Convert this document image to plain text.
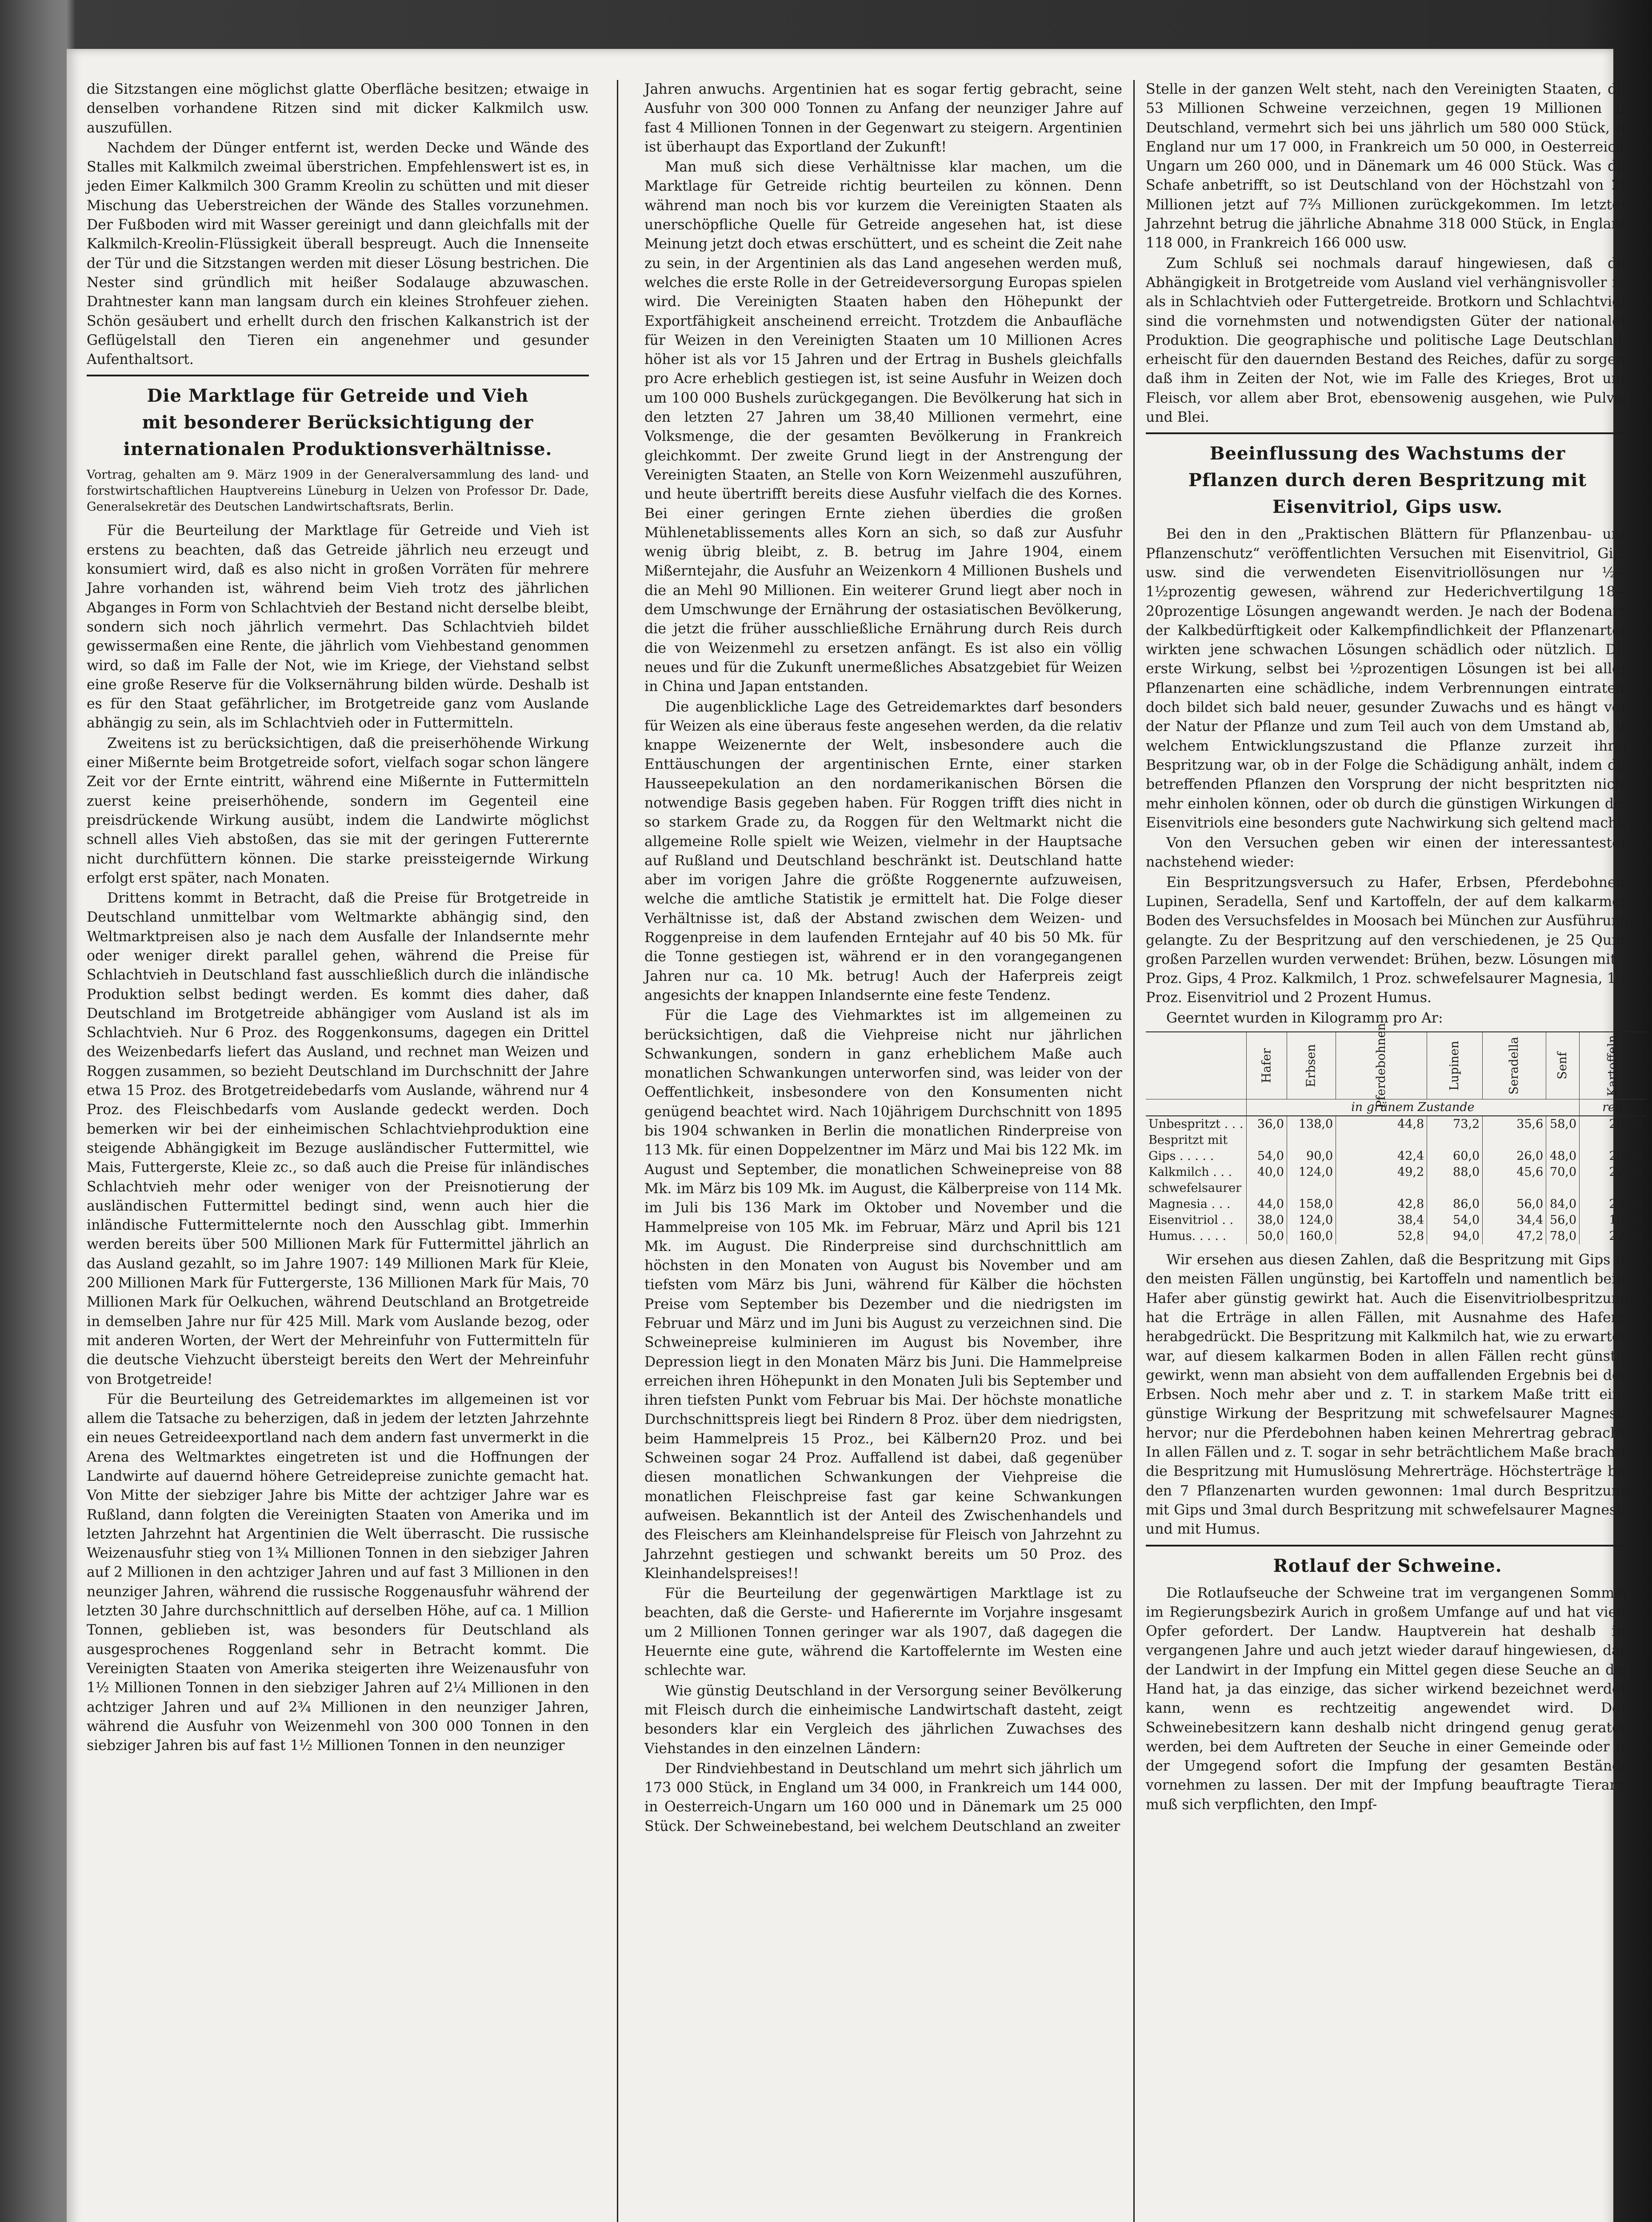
die Sitzstangen eine möglichst glatte Oberfläche besitzen; etwaige in denselben vorhandene Ritzen sind mit dicker Kalkmilch usw. auszufüllen.

Nachdem der Dünger entfernt ist, werden Decke und Wände des Stalles mit Kalkmilch zweimal überstrichen. Empfehlenswert ist es, in jeden Eimer Kalkmilch 300 Gramm Kreolin zu schütten und mit dieser Mischung das Ueberstreichen der Wände des Stalles vorzunehmen. Der Fußboden wird mit Wasser gereinigt und dann gleichfalls mit der Kalkmilch-Kreolin-Flüssigkeit überall bespreugt. Auch die Innenseite der Tür und die Sitzstangen werden mit dieser Lösung bestrichen. Die Nester sind gründlich mit heißer Sodalauge abzuwaschen. Drahtnester kann man langsam durch ein kleines Strohfeuer ziehen. Schön gesäubert und erhellt durch den frischen Kalkanstrich ist der Geflügelstall den Tieren ein angenehmer und gesunder Aufenthaltsort.

Die Marktlage für Getreide und Vieh
mit besonderer Berücksichtigung der
internationalen Produktionsverhältnisse.
Vortrag, gehalten am 9. März 1909 in der Generalversammlung des land- und forstwirtschaftlichen Hauptvereins Lüneburg in Uelzen von Professor Dr. Dade, Generalsekretär des Deutschen Landwirtschaftsrats, Berlin.

Für die Beurteilung der Marktlage für Getreide und Vieh ist erstens zu beachten, daß das Getreide jährlich neu erzeugt und konsumiert wird, daß es also nicht in großen Vorräten für mehrere Jahre vorhanden ist, während beim Vieh trotz des jährlichen Abganges in Form von Schlachtvieh der Bestand nicht derselbe bleibt, sondern sich noch jährlich vermehrt. Das Schlachtvieh bildet gewissermaßen eine Rente, die jährlich vom Viehbestand genommen wird, so daß im Falle der Not, wie im Kriege, der Viehstand selbst eine große Reserve für die Volksernährung bilden würde. Deshalb ist es für den Staat gefährlicher, im Brotgetreide ganz vom Auslande abhängig zu sein, als im Schlachtvieh oder in Futtermitteln.

Zweitens ist zu berücksichtigen, daß die preiserhöhende Wirkung einer Mißernte beim Brotgetreide sofort, vielfach sogar schon längere Zeit vor der Ernte eintritt, während eine Mißernte in Futtermitteln zuerst keine preiserhöhende, sondern im Gegenteil eine preisdrückende Wirkung ausübt, indem die Landwirte möglichst schnell alles Vieh abstoßen, das sie mit der geringen Futterernte nicht durchfüttern können. Die starke preissteigernde Wirkung erfolgt erst später, nach Monaten.

Drittens kommt in Betracht, daß die Preise für Brotgetreide in Deutschland unmittelbar vom Weltmarkte abhängig sind, den Weltmarktpreisen also je nach dem Ausfalle der Inlandsernte mehr oder weniger direkt parallel gehen, während die Preise für Schlachtvieh in Deutschland fast ausschließlich durch die inländische Produktion selbst bedingt werden. Es kommt dies daher, daß Deutschland im Brotgetreide abhängiger vom Ausland ist als im Schlachtvieh. Nur 6 Proz. des Roggenkonsums, dagegen ein Drittel des Weizenbedarfs liefert das Ausland, und rechnet man Weizen und Roggen zusammen, so bezieht Deutschland im Durchschnitt der Jahre etwa 15 Proz. des Brotgetreidebedarfs vom Auslande, während nur 4 Proz. des Fleischbedarfs vom Auslande gedeckt werden. Doch bemerken wir bei der einheimischen Schlachtviehproduktion eine steigende Abhängigkeit im Bezuge ausländischer Futtermittel, wie Mais, Futtergerste, Kleie zc., so daß auch die Preise für inländisches Schlachtvieh mehr oder weniger von der Preisnotierung der ausländischen Futtermittel bedingt sind, wenn auch hier die inländische Futtermittelernte noch den Ausschlag gibt. Immerhin werden bereits über 500 Millionen Mark für Futtermittel jährlich an das Ausland gezahlt, so im Jahre 1907: 149 Millionen Mark für Kleie, 200 Millionen Mark für Futtergerste, 136 Millionen Mark für Mais, 70 Millionen Mark für Oelkuchen, während Deutschland an Brotgetreide in demselben Jahre nur für 425 Mill. Mark vom Auslande bezog, oder mit anderen Worten, der Wert der Mehreinfuhr von Futtermitteln für die deutsche Viehzucht übersteigt bereits den Wert der Mehreinfuhr von Brotgetreide!

Für die Beurteilung des Getreidemarktes im allgemeinen ist vor allem die Tatsache zu beherzigen, daß in jedem der letzten Jahrzehnte ein neues Getreideexportland nach dem andern fast unvermerkt in die Arena des Weltmarktes eingetreten ist und die Hoffnungen der Landwirte auf dauernd höhere Getreidepreise zunichte gemacht hat. Von Mitte der siebziger Jahre bis Mitte der achtziger Jahre war es Rußland, dann folgten die Vereinigten Staaten von Amerika und im letzten Jahrzehnt hat Argentinien die Welt überrascht. Die russische Weizenausfuhr stieg von 1¾ Millionen Tonnen in den siebziger Jahren auf 2 Millionen in den achtziger Jahren und auf fast 3 Millionen in den neunziger Jahren, während die russische Roggenausfuhr während der letzten 30 Jahre durchschnittlich auf derselben Höhe, auf ca. 1 Million Tonnen, geblieben ist, was besonders für Deutschland als ausgesprochenes Roggenland sehr in Betracht kommt. Die Vereinigten Staaten von Amerika steigerten ihre Weizenausfuhr von 1½ Millionen Tonnen in den siebziger Jahren auf 2¼ Millionen in den achtziger Jahren und auf 2¾ Millionen in den neunziger Jahren, während die Ausfuhr von Weizenmehl von 300 000 Tonnen in den siebziger Jahren bis auf fast 1½ Millionen Tonnen in den neunziger

Jahren anwuchs. Argentinien hat es sogar fertig gebracht, seine Ausfuhr von 300 000 Tonnen zu Anfang der neunziger Jahre auf fast 4 Millionen Tonnen in der Gegenwart zu steigern. Argentinien ist überhaupt das Exportland der Zukunft!

Man muß sich diese Verhältnisse klar machen, um die Marktlage für Getreide richtig beurteilen zu können. Denn während man noch bis vor kurzem die Vereinigten Staaten als unerschöpfliche Quelle für Getreide angesehen hat, ist diese Meinung jetzt doch etwas erschüttert, und es scheint die Zeit nahe zu sein, in der Argentinien als das Land angesehen werden muß, welches die erste Rolle in der Getreideversorgung Europas spielen wird. Die Vereinigten Staaten haben den Höhepunkt der Exportfähigkeit anscheinend erreicht. Trotzdem die Anbaufläche für Weizen in den Vereinigten Staaten um 10 Millionen Acres höher ist als vor 15 Jahren und der Ertrag in Bushels gleichfalls pro Acre erheblich gestiegen ist, ist seine Ausfuhr in Weizen doch um 100 000 Bushels zurückgegangen. Die Bevölkerung hat sich in den letzten 27 Jahren um 38,40 Millionen vermehrt, eine Volksmenge, die der gesamten Bevölkerung in Frankreich gleichkommt. Der zweite Grund liegt in der Anstrengung der Vereinigten Staaten, an Stelle von Korn Weizenmehl auszuführen, und heute übertrifft bereits diese Ausfuhr vielfach die des Kornes. Bei einer geringen Ernte ziehen überdies die großen Mühlenetablissements alles Korn an sich, so daß zur Ausfuhr wenig übrig bleibt, z. B. betrug im Jahre 1904, einem Mißerntejahr, die Ausfuhr an Weizenkorn 4 Millionen Bushels und die an Mehl 90 Millionen. Ein weiterer Grund liegt aber noch in dem Umschwunge der Ernährung der ostasiatischen Bevölkerung, die jetzt die früher ausschließliche Ernährung durch Reis durch die von Weizenmehl zu ersetzen anfängt. Es ist also ein völlig neues und für die Zukunft unermeßliches Absatzgebiet für Weizen in China und Japan entstanden.

Die augenblickliche Lage des Getreidemarktes darf besonders für Weizen als eine überaus feste angesehen werden, da die relativ knappe Weizenernte der Welt, insbesondere auch die Enttäuschungen der argentinischen Ernte, einer starken Hausseepekulation an den nordamerikanischen Börsen die notwendige Basis gegeben haben. Für Roggen trifft dies nicht in so starkem Grade zu, da Roggen für den Weltmarkt nicht die allgemeine Rolle spielt wie Weizen, vielmehr in der Hauptsache auf Rußland und Deutschland beschränkt ist. Deutschland hatte aber im vorigen Jahre die größte Roggenernte aufzuweisen, welche die amtliche Statistik je ermittelt hat. Die Folge dieser Verhältnisse ist, daß der Abstand zwischen dem Weizen- und Roggenpreise in dem laufenden Erntejahr auf 40 bis 50 Mk. für die Tonne gestiegen ist, während er in den vorangegangenen Jahren nur ca. 10 Mk. betrug! Auch der Haferpreis zeigt angesichts der knappen Inlandsernte eine feste Tendenz.

Für die Lage des Viehmarktes ist im allgemeinen zu berücksichtigen, daß die Viehpreise nicht nur jährlichen Schwankungen, sondern in ganz erheblichem Maße auch monatlichen Schwankungen unterworfen sind, was leider von der Oeffentlichkeit, insbesondere von den Konsumenten nicht genügend beachtet wird. Nach 10jährigem Durchschnitt von 1895 bis 1904 schwanken in Berlin die monatlichen Rinderpreise von 113 Mk. für einen Doppelzentner im März und Mai bis 122 Mk. im August und September, die monatlichen Schweinepreise von 88 Mk. im März bis 109 Mk. im August, die Kälberpreise von 114 Mk. im Juli bis 136 Mark im Oktober und November und die Hammelpreise von 105 Mk. im Februar, März und April bis 121 Mk. im August. Die Rinderpreise sind durchschnittlich am höchsten in den Monaten von August bis November und am tiefsten vom März bis Juni, während für Kälber die höchsten Preise vom September bis Dezember und die niedrigsten im Februar und März und im Juni bis August zu verzeichnen sind. Die Schweinepreise kulminieren im August bis November, ihre Depression liegt in den Monaten März bis Juni. Die Hammelpreise erreichen ihren Höhepunkt in den Monaten Juli bis September und ihren tiefsten Punkt vom Februar bis Mai. Der höchste monatliche Durchschnittspreis liegt bei Rindern 8 Proz. über dem niedrigsten, beim Hammelpreis 15 Proz., bei Kälbern20 Proz. und bei Schweinen sogar 24 Proz. Auffallend ist dabei, daß gegenüber diesen monatlichen Schwankungen der Viehpreise die monatlichen Fleischpreise fast gar keine Schwankungen aufweisen. Bekanntlich ist der Anteil des Zwischenhandels und des Fleischers am Kleinhandelspreise für Fleisch von Jahrzehnt zu Jahrzehnt gestiegen und schwankt bereits um 50 Proz. des Kleinhandelspreises!!

Für die Beurteilung der gegenwärtigen Marktlage ist zu beachten, daß die Gerste- und Hafierernte im Vorjahre insgesamt um 2 Millionen Tonnen geringer war als 1907, daß dagegen die Heuernte eine gute, während die Kartoffelernte im Westen eine schlechte war.

Wie günstig Deutschland in der Versorgung seiner Bevölkerung mit Fleisch durch die einheimische Landwirtschaft dasteht, zeigt besonders klar ein Vergleich des jährlichen Zuwachses des Viehstandes in den einzelnen Ländern:

Der Rindviehbestand in Deutschland um mehrt sich jährlich um 173 000 Stück, in England um 34 000, in Frankreich um 144 000, in Oesterreich-Ungarn um 160 000 und in Dänemark um 25 000 Stück. Der Schweinebestand, bei welchem Deutschland an zweiter

Stelle in der ganzen Welt steht, nach den Vereinigten Staaten, die 53 Millionen Schweine verzeichnen, gegen 19 Millionen in Deutschland, vermehrt sich bei uns jährlich um 580 000 Stück, in England nur um 17 000, in Frankreich um 50 000, in Oesterreich-Ungarn um 260 000, und in Dänemark um 46 000 Stück. Was die Schafe anbetrifft, so ist Deutschland von der Höchstzahl von 28 Millionen jetzt auf 7⅔ Millionen zurückgekommen. Im letzten Jahrzehnt betrug die jährliche Abnahme 318 000 Stück, in England 118 000, in Frankreich 166 000 usw.

Zum Schluß sei nochmals darauf hingewiesen, daß die Abhängigkeit in Brotgetreide vom Ausland viel verhängnisvoller ist als in Schlachtvieh oder Futtergetreide. Brotkorn und Schlachtvieh sind die vornehmsten und notwendigsten Güter der nationalen Produktion. Die geographische und politische Lage Deutschlands erheischt für den dauernden Bestand des Reiches, dafür zu sorgen, daß ihm in Zeiten der Not, wie im Falle des Krieges, Brot und Fleisch, vor allem aber Brot, ebensowenig ausgehen, wie Pulver und Blei.

Beeinflussung des Wachstums der
Pflanzen durch deren Bespritzung mit
Eisenvitriol, Gips usw.

Bei den in den „Praktischen Blättern für Pflanzenbau- und Pflanzenschutz“ veröffentlichten Versuchen mit Eisenvitriol, Gips usw. sind die verwendeten Eisenvitriollösungen nur ½—1½prozentig gewesen, während zur Hederichvertilgung 18—20prozentige Lösungen angewandt werden. Je nach der Bodenart, der Kalkbedürftigkeit oder Kalkempfindlichkeit der Pflanzenarten wirkten jene schwachen Lösungen schädlich oder nützlich. Die erste Wirkung, selbst bei ½prozentigen Lösungen ist bei allen Pflanzenarten eine schädliche, indem Verbrennungen eintraten; doch bildet sich bald neuer, gesunder Zuwachs und es hängt von der Natur der Pflanze und zum Teil auch von dem Umstand ab, in welchem Entwicklungszustand die Pflanze zurzeit ihrer Bespritzung war, ob in der Folge die Schädigung anhält, indem die betreffenden Pflanzen den Vorsprung der nicht bespritzten nicht mehr einholen können, oder ob durch die günstigen Wirkungen des Eisenvitriols eine besonders gute Nachwirkung sich geltend macht.

Von den Versuchen geben wir einen der interessantesten nachstehend wieder:

Ein Bespritzungsversuch zu Hafer, Erbsen, Pferdebohnen, Lupinen, Seradella, Senf und Kartoffeln, der auf dem kalkarmen Boden des Versuchsfeldes in Moosach bei München zur Ausführung gelangte. Zu der Bespritzung auf den verschiedenen, je 25 Qum. großen Parzellen wurden verwendet: Brühen, bezw. Lösungen mit 2 Proz. Gips, 4 Proz. Kalkmilch, 1 Proz. schwefelsaurer Magnesia, 1,5 Proz. Eisenvitriol und 2 Prozent Humus.

Geerntet wurden in Kilogramm pro Ar:

	Hafer	Erbsen	Pferdebohnen	Lupinen	Seradella	Senf	Kartoffeln
	in grünem Zustande						reif
Unbespritzt . . .	36,0	138,0	44,8	73,2	35,6	58,0	206,0
Bespritzt mit							
Gips . . . . .	54,0	90,0	42,4	60,0	26,0	48,0	208,0
Kalkmilch . . .	40,0	124,0	49,2	88,0	45,6	70,0	226,0
schwefelsaurer							
Magnesia . . .	44,0	158,0	42,8	86,0	56,0	84,0	232,0
Eisenvitriol . .	38,0	124,0	38,4	54,0	34,4	56,0	190,0
Humus. . . . .	50,0	160,0	52,8	94,0	47,2	78,0	222,0

Wir ersehen aus diesen Zahlen, daß die Bespritzung mit Gips in den meisten Fällen ungünstig, bei Kartoffeln und namentlich beim Hafer aber günstig gewirkt hat. Auch die Eisenvitriolbespritzung hat die Erträge in allen Fällen, mit Ausnahme des Hafers, herabgedrückt. Die Bespritzung mit Kalkmilch hat, wie zu erwarten war, auf diesem kalkarmen Boden in allen Fällen recht günstig gewirkt, wenn man absieht von dem auffallenden Ergebnis bei den Erbsen. Noch mehr aber und z. T. in starkem Maße tritt eine günstige Wirkung der Bespritzung mit schwefelsaurer Magnesia hervor; nur die Pferdebohnen haben keinen Mehrertrag gebracht. In allen Fällen und z. T. sogar in sehr beträchtlichem Maße brachte die Bespritzung mit Humuslösung Mehrerträge. Höchsterträge bei den 7 Pflanzenarten wurden gewonnen: 1mal durch Bespritzung mit Gips und 3mal durch Bespritzung mit schwefelsaurer Magnesia und mit Humus.

Rotlauf der Schweine.

Die Rotlaufseuche der Schweine trat im vergangenen Sommer im Regierungsbezirk Aurich in großem Umfange auf und hat viele Opfer gefordert. Der Landw. Hauptverein hat deshalb im vergangenen Jahre und auch jetzt wieder darauf hingewiesen, daß der Landwirt in der Impfung ein Mittel gegen diese Seuche an der Hand hat, ja das einzige, das sicher wirkend bezeichnet werden kann, wenn es rechtzeitig angewendet wird. Den Schweinebesitzern kann deshalb nicht dringend genug geraten werden, bei dem Auftreten der Seuche in einer Gemeinde oder in der Umgegend sofort die Impfung der gesamten Bestände vornehmen zu lassen. Der mit der Impfung beauftragte Tierarzt muß sich verpflichten, den Impf-
